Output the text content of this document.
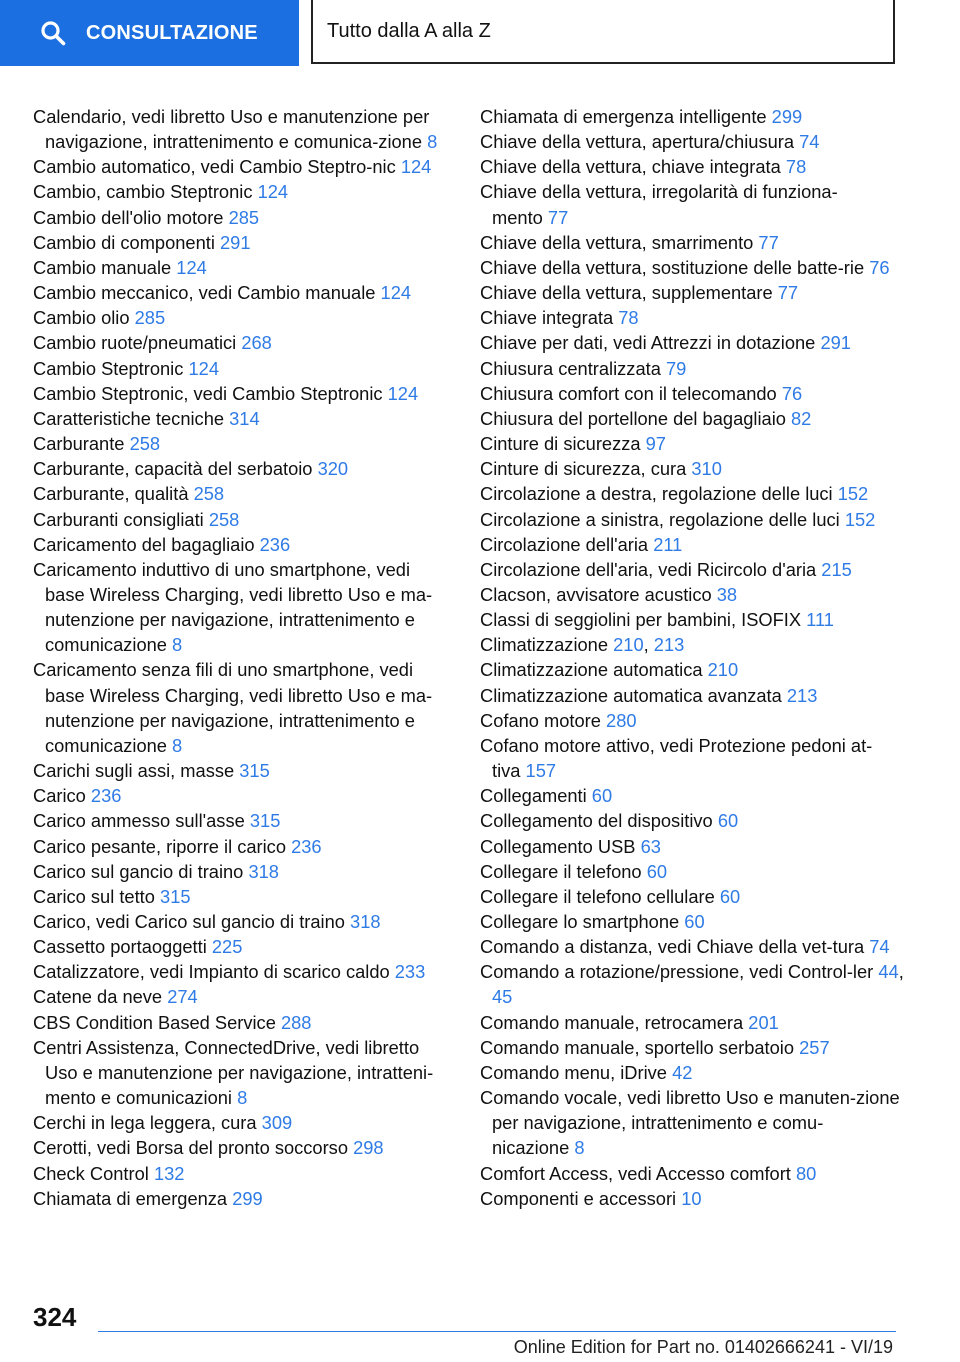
CONSULTAZIONE	Tutto dalla A alla Z
Calendario, vedi libretto Uso e manutenzione per navigazione, intrattenimento e comunica-zione 8
Cambio automatico, vedi Cambio Steptro-nic 124
Cambio, cambio Steptronic 124
Cambio dell'olio motore 285
Cambio di componenti 291
Cambio manuale 124
Cambio meccanico, vedi Cambio manuale 124
Cambio olio 285
Cambio ruote/pneumatici 268
Cambio Steptronic 124
Cambio Steptronic, vedi Cambio Steptronic 124
Caratteristiche tecniche 314
Carburante 258
Carburante, capacità del serbatoio 320
Carburante, qualità 258
Carburanti consigliati 258
Caricamento del bagagliaio 236
Caricamento induttivo di uno smartphone, vedi base Wireless Charging, vedi libretto Uso e ma-nutenzione per navigazione, intrattenimento e comunicazione 8
Caricamento senza fili di uno smartphone, vedi base Wireless Charging, vedi libretto Uso e ma-nutenzione per navigazione, intrattenimento e comunicazione 8
Carichi sugli assi, masse 315
Carico 236
Carico ammesso sull'asse 315
Carico pesante, riporre il carico 236
Carico sul gancio di traino 318
Carico sul tetto 315
Carico, vedi Carico sul gancio di traino 318
Cassetto portaoggetti 225
Catalizzatore, vedi Impianto di scarico caldo 233
Catene da neve 274
CBS Condition Based Service 288
Centri Assistenza, ConnectedDrive, vedi libretto Uso e manutenzione per navigazione, intratteni-mento e comunicazioni 8
Cerchi in lega leggera, cura 309
Cerotti, vedi Borsa del pronto soccorso 298
Check Control 132
Chiamata di emergenza 299
Chiamata di emergenza intelligente 299
Chiave della vettura, apertura/chiusura 74
Chiave della vettura, chiave integrata 78
Chiave della vettura, irregolarità di funziona-mento 77
Chiave della vettura, smarrimento 77
Chiave della vettura, sostituzione delle batte-rie 76
Chiave della vettura, supplementare 77
Chiave integrata 78
Chiave per dati, vedi Attrezzi in dotazione 291
Chiusura centralizzata 79
Chiusura comfort con il telecomando 76
Chiusura del portellone del bagagliaio 82
Cinture di sicurezza 97
Cinture di sicurezza, cura 310
Circolazione a destra, regolazione delle luci 152
Circolazione a sinistra, regolazione delle luci 152
Circolazione dell'aria 211
Circolazione dell'aria, vedi Ricircolo d'aria 215
Clacson, avvisatore acustico 38
Classi di seggiolini per bambini, ISOFIX 111
Climatizzazione 210, 213
Climatizzazione automatica 210
Climatizzazione automatica avanzata 213
Cofano motore 280
Cofano motore attivo, vedi Protezione pedoni at-tiva 157
Collegamenti 60
Collegamento del dispositivo 60
Collegamento USB 63
Collegare il telefono 60
Collegare il telefono cellulare 60
Collegare lo smartphone 60
Comando a distanza, vedi Chiave della vet-tura 74
Comando a rotazione/pressione, vedi Control-ler 44, 45
Comando manuale, retrocamera 201
Comando manuale, sportello serbatoio 257
Comando menu, iDrive 42
Comando vocale, vedi libretto Uso e manuten-zione per navigazione, intrattenimento e comu-nicazione 8
Comfort Access, vedi Accesso comfort 80
Componenti e accessori 10
324
Online Edition for Part no. 01402666241 - VI/19
